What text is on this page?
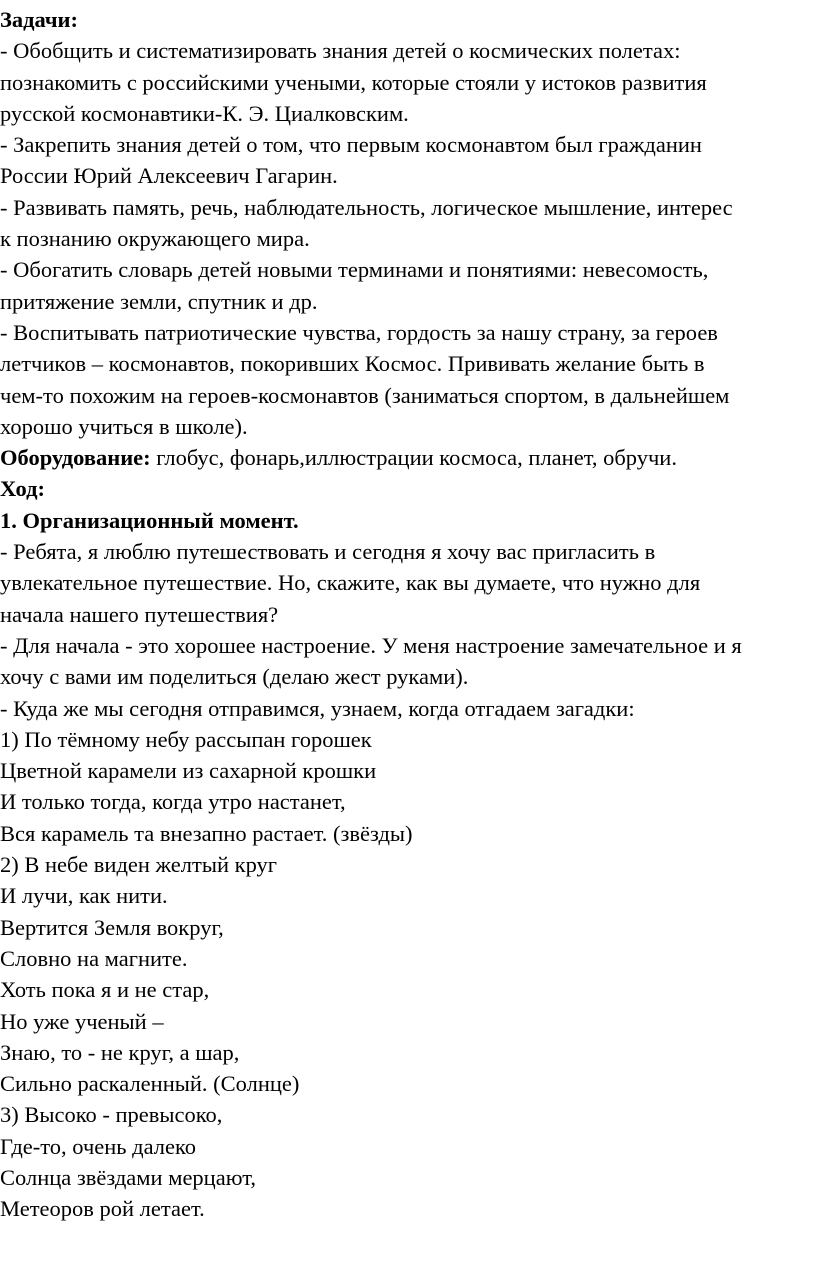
Задачи:
- Обобщить и систематизировать знания детей о космических полетах:
познакомить с российскими учеными, которые стояли у истоков развития
русской космонавтики-К. Э. Циалковским.
- Закрепить знания детей о том, что первым космонавтом был гражданин
России Юрий Алексеевич Гагарин.
- Развивать память, речь, наблюдательность, логическое мышление, интерес
к познанию окружающего мира.
- Обогатить словарь детей новыми терминами и понятиями: невесомость,
притяжение земли, спутник и др.
- Воспитывать патриотические чувства, гордость за нашу страну, за героев
летчиков – космонавтов, покоривших Космос. Прививать желание быть в
чем-то похожим на героев-космонавтов (заниматься спортом, в дальнейшем
хорошо учиться в школе).
Оборудование: глобус, фонарь,иллюстрации космоса, планет, обручи.
Ход:
1. Организационный момент.
- Ребята, я люблю путешествовать и сегодня я хочу вас пригласить в
увлекательное путешествие. Но, скажите, как вы думаете, что нужно для
начала нашего путешествия?
- Для начала - это хорошее настроение. У меня настроение замечательное и я
хочу с вами им поделиться (делаю жест руками).
- Куда же мы сегодня отправимся, узнаем, когда отгадаем загадки:
1) По тёмному небу рассыпан горошек
Цветной карамели из сахарной крошки
И только тогда, когда утро настанет,
Вся карамель та внезапно растает. (звёзды)
2) В небе виден желтый круг
И лучи, как нити.
Вертится Земля вокруг,
Словно на магните.
Хоть пока я и не стар,
Но уже ученый –
Знаю, то - не круг, а шар,
Сильно раскаленный. (Солнце)
3) Высоко - превысоко,
Где-то, очень далеко
Солнца звёздами мерцают,
Метеоров рой летает.
